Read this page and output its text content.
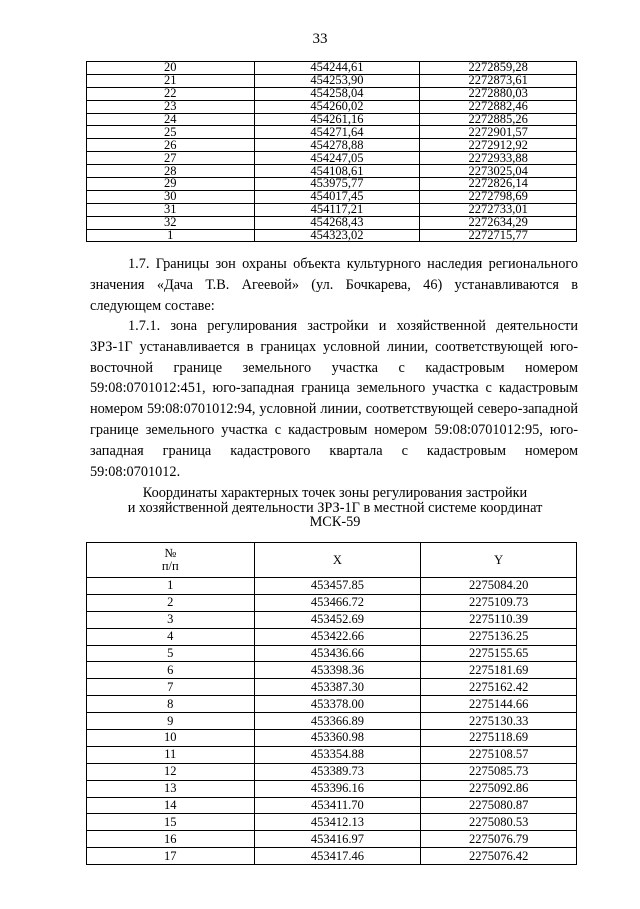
33
20	454244,61	2272859,28
21	454253,90	2272873,61
22	454258,04	2272880,03
23	454260,02	2272882,46
24	454261,16	2272885,26
25	454271,64	2272901,57
26	454278,88	2272912,92
27	454247,05	2272933,88
28	454108,61	2273025,04
29	453975,77	2272826,14
30	454017,45	2272798,69
31	454117,21	2272733,01
32	454268,43	2272634,29
1	454323,02	2272715,77

1.7. Границы зон охраны объекта культурного наследия регионального значения «Дача Т.В. Агеевой» (ул. Бочкарева, 46) устанавливаются в следующем составе:

1.7.1. зона регулирования застройки и хозяйственной деятельности ЗРЗ-1Г устанавливается в границах условной линии, соответствующей юго-восточной границе земельного участка с кадастровым номером 59:08:0701012:451, юго-западная граница земельного участка с кадастровым номером 59:08:0701012:94, условной линии, соответствующей северо-западной границе земельного участка с кадастровым номером 59:08:0701012:95, юго-западная граница кадастрового квартала с кадастровым номером 59:08:0701012.

Координаты характерных точек зоны регулирования застройки
и хозяйственной деятельности ЗРЗ-1Г в местной системе координат
МСК-59
№
п/п	X	Y
1	453457.85	2275084.20
2	453466.72	2275109.73
3	453452.69	2275110.39
4	453422.66	2275136.25
5	453436.66	2275155.65
6	453398.36	2275181.69
7	453387.30	2275162.42
8	453378.00	2275144.66
9	453366.89	2275130.33
10	453360.98	2275118.69
11	453354.88	2275108.57
12	453389.73	2275085.73
13	453396.16	2275092.86
14	453411.70	2275080.87
15	453412.13	2275080.53
16	453416.97	2275076.79
17	453417.46	2275076.42
